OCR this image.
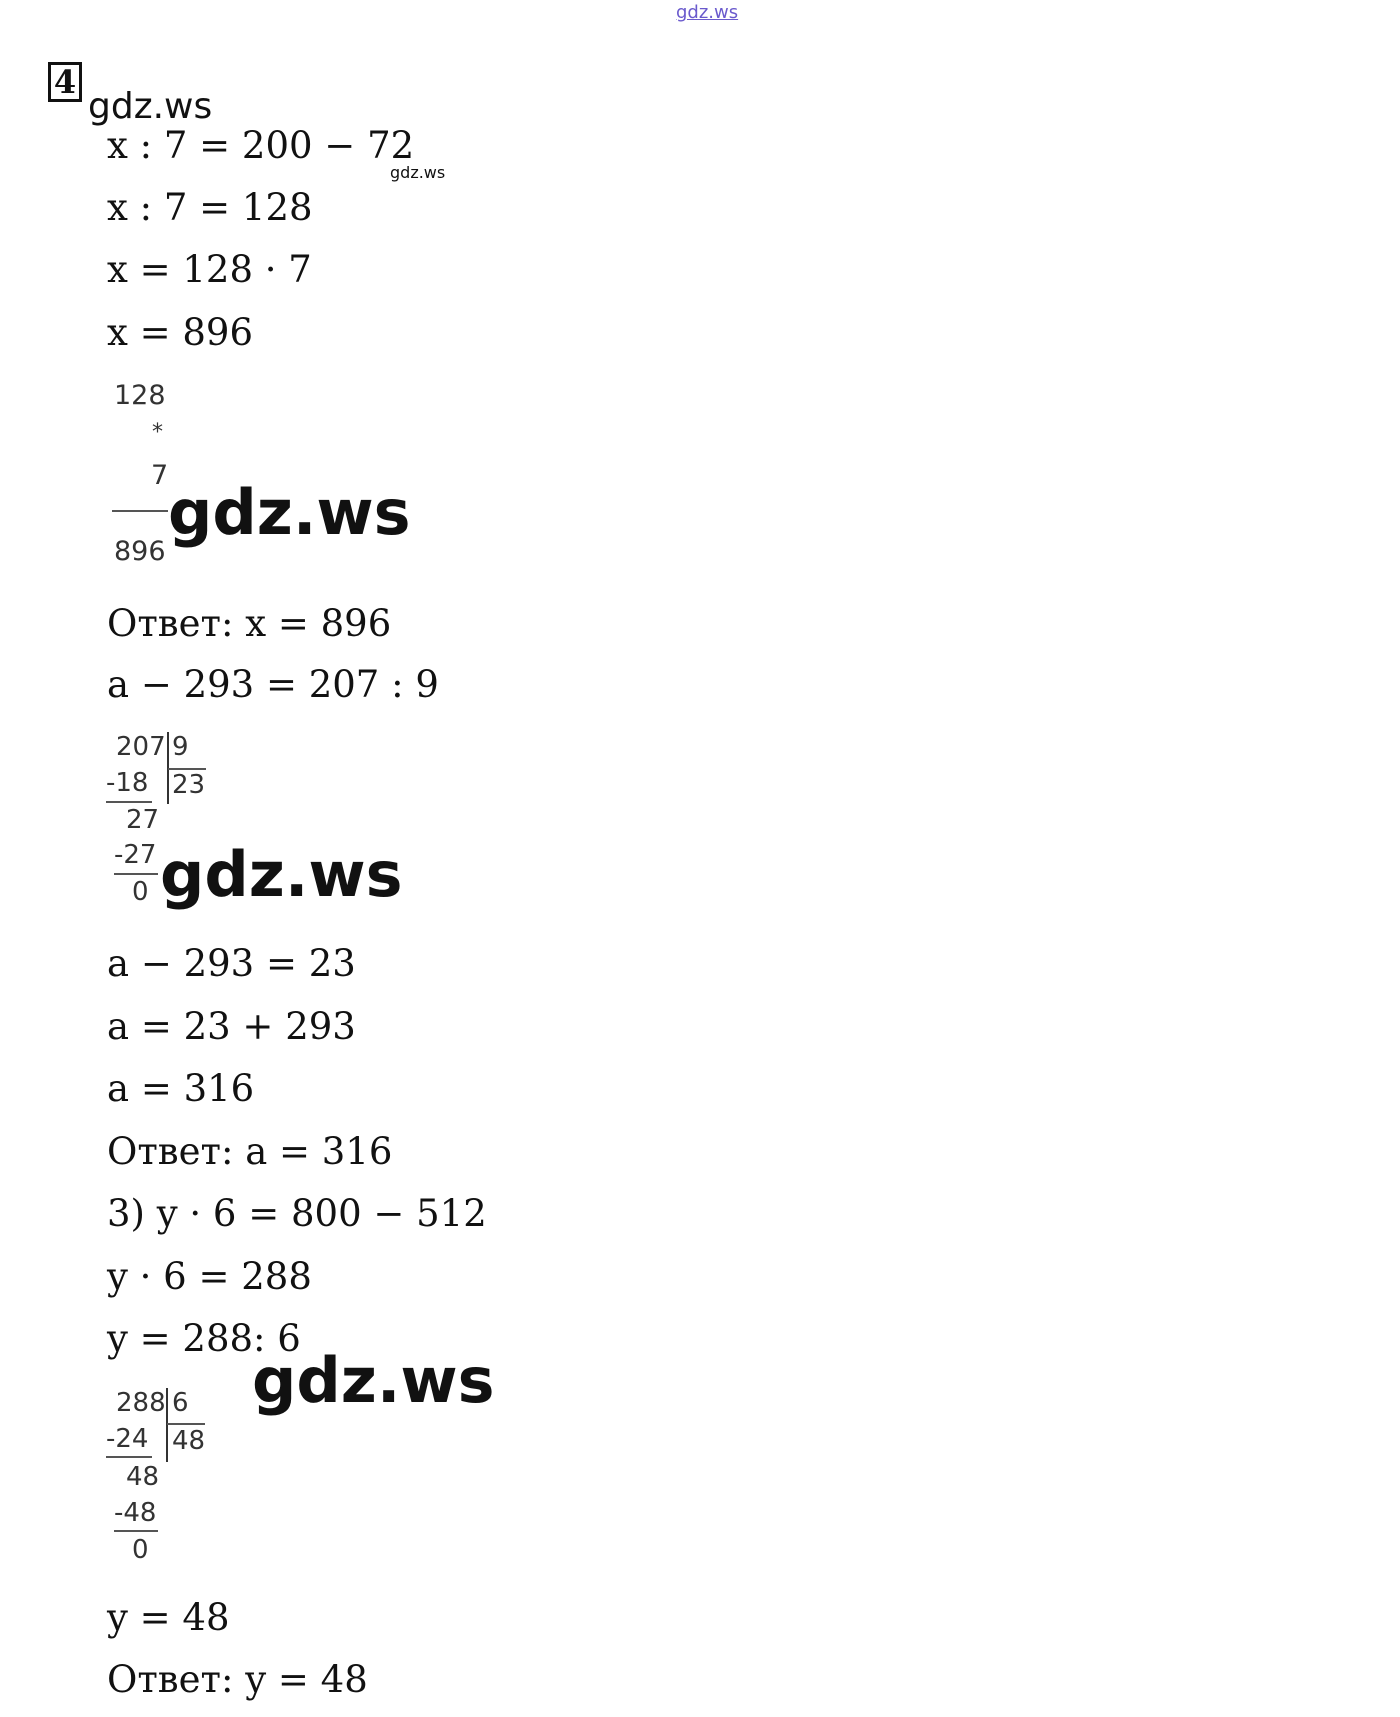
gdz.ws
4
gdz.ws
gdz.ws
x : 7 = 200 − 72
x : 7 = 128
x = 128 · 7
x = 896
128
*
7
896
gdz.ws
Ответ: x = 896
a − 293 = 207 : 9
207 9
-18 23
27
-27
0 gdz.ws
a − 293 = 23
a = 23 + 293
a = 316
Ответ: a = 316
3) y · 6 = 800 − 512
y · 6 = 288
y = 288: 6
gdz.ws
288 6
-24 48
48
-48
0
y = 48
Ответ: y = 48
